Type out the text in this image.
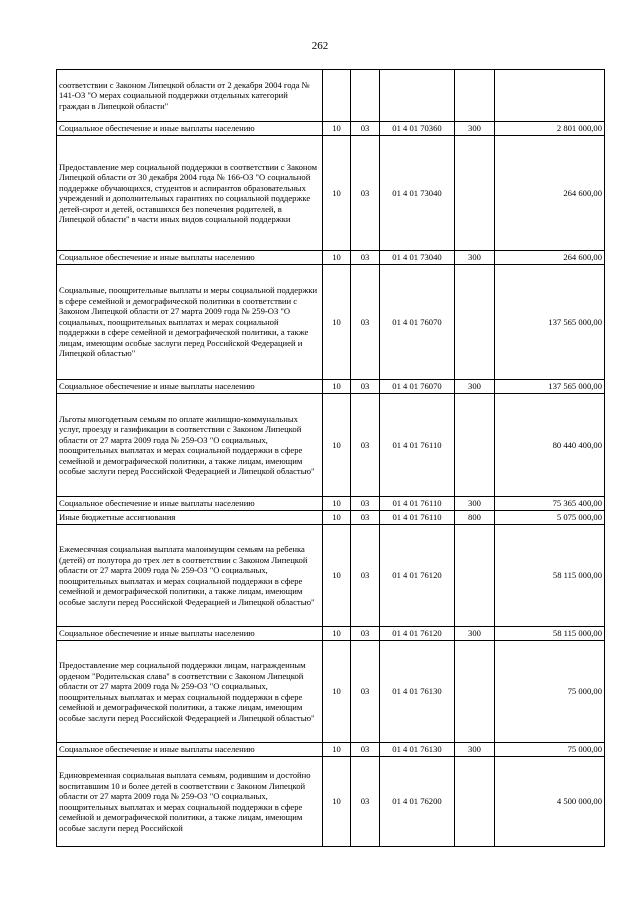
262
соответствии с Законом Липецкой области от 2 декабря 2004 года № 141-ОЗ "О мерах социальной поддержки отдельных категорий граждан в Липецкой области"					
Социальное обеспечение и иные выплаты населению	10	03	01 4 01 70360	300	2 801 000,00
Предоставление мер социальной поддержки в соответствии с Законом Липецкой области от 30 декабря 2004 года № 166-ОЗ "О социальной поддержке обучающихся, студентов и аспирантов образовательных учреждений и дополнительных гарантиях по социальной поддержке детей-сирот и детей, оставшихся без попечения родителей, в Липецкой области" в части иных видов социальной поддержки	10	03	01 4 01 73040		264 600,00
Социальное обеспечение и иные выплаты населению	10	03	01 4 01 73040	300	264 600,00
Социальные, поощрительные выплаты и меры социальной поддержки в сфере семейной и демографической политики в соответствии с Законом Липецкой области от 27 марта 2009 года № 259-ОЗ "О социальных, поощрительных выплатах и мерах социальной поддержки в сфере семейной и демографической политики, а также лицам, имеющим особые заслуги перед Российской Федерацией и Липецкой областью"	10	03	01 4 01 76070		137 565 000,00
Социальное обеспечение и иные выплаты населению	10	03	01 4 01 76070	300	137 565 000,00
Льготы многодетным семьям по оплате жилищно-коммунальных услуг, проезду и газификации в соответствии с Законом Липецкой области от 27 марта 2009 года № 259-ОЗ "О социальных, поощрительных выплатах и мерах социальной поддержки в сфере семейной и демографической политики, а также лицам, имеющим особые заслуги перед Российской Федерацией и Липецкой областью"	10	03	01 4 01 76110		80 440 400,00
Социальное обеспечение и иные выплаты населению	10	03	01 4 01 76110	300	75 365 400,00
Иные бюджетные ассигнования	10	03	01 4 01 76110	800	5 075 000,00
Ежемесячная социальная выплата малоимущим семьям на ребенка (детей) от полутора до трех лет в соответствии с Законом Липецкой области от 27 марта 2009 года № 259-ОЗ "О социальных, поощрительных выплатах и мерах социальной поддержки в сфере семейной и демографической политики, а также лицам, имеющим особые заслуги перед Российской Федерацией и Липецкой областью"	10	03	01 4 01 76120		58 115 000,00
Социальное обеспечение и иные выплаты населению	10	03	01 4 01 76120	300	58 115 000,00
Предоставление мер социальной поддержки лицам, награжденным орденом "Родительская слава" в соответствии с Законом Липецкой области от 27 марта 2009 года № 259-ОЗ "О социальных, поощрительных выплатах и мерах социальной поддержки в сфере семейной и демографической политики, а также лицам, имеющим особые заслуги перед Российской Федерацией и Липецкой областью"	10	03	01 4 01 76130		75 000,00
Социальное обеспечение и иные выплаты населению	10	03	01 4 01 76130	300	75 000,00
Единовременная социальная выплата семьям, родившим и достойно воспитавшим 10 и более детей в соответствии с Законом Липецкой области от 27 марта 2009 года № 259-ОЗ "О социальных, поощрительных выплатах и мерах социальной поддержки в сфере семейной и демографической политики, а также лицам, имеющим особые заслуги перед Российской	10	03	01 4 01 76200		4 500 000,00
